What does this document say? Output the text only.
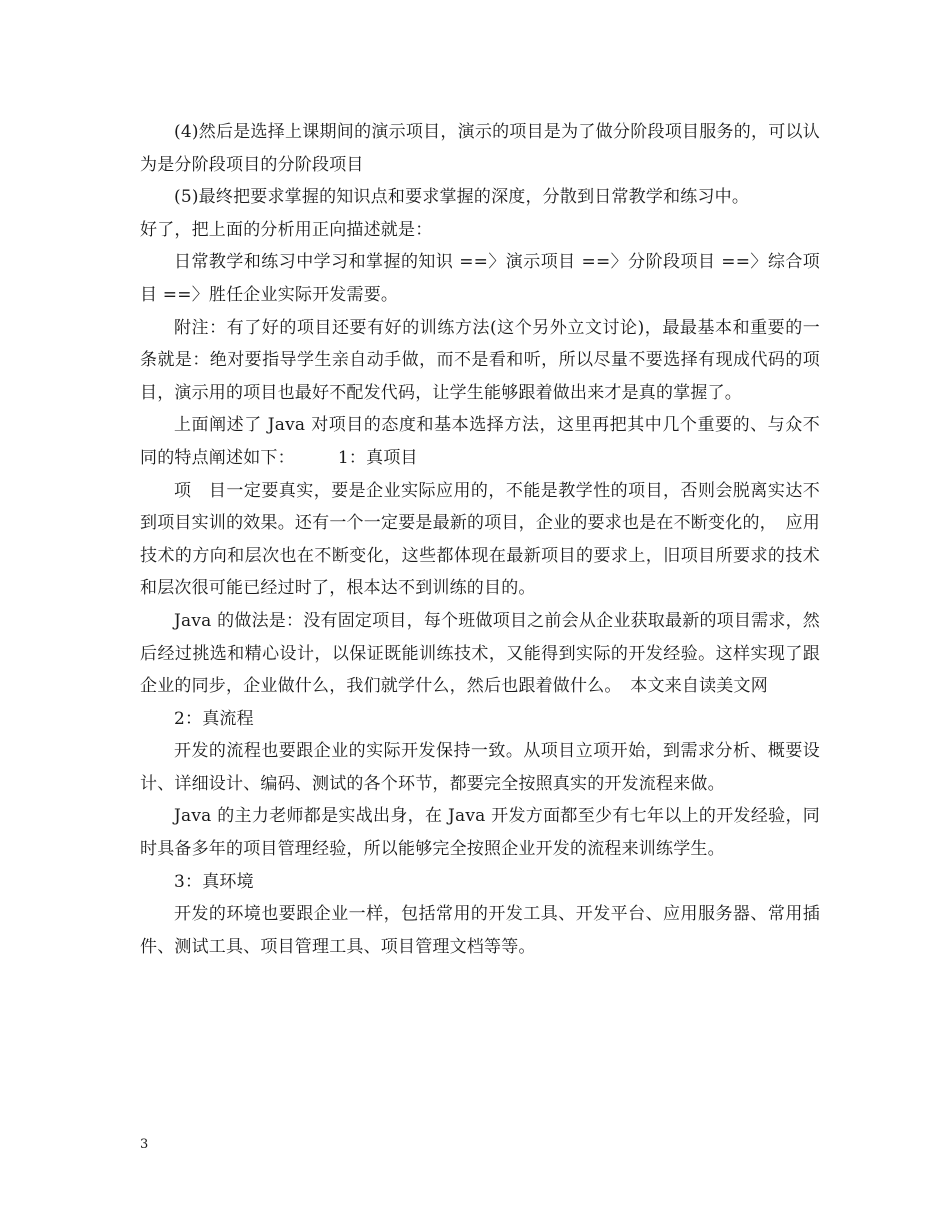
(4)然后是选择上课期间的演示项目，演示的项目是为了做分阶段项目服务的，可以认为是分阶段项目的分阶段项目

(5)最终把要求掌握的知识点和要求掌握的深度，分散到日常教学和练习中。

好了，把上面的分析用正向描述就是：

日常教学和练习中学习和掌握的知识 ==〉演示项目 ==〉分阶段项目 ==〉综合项目 ==〉胜任企业实际开发需要。

附注：有了好的项目还要有好的训练方法(这个另外立文讨论)，最最基本和重要的一条就是：绝对要指导学生亲自动手做，而不是看和听，所以尽量不要选择有现成代码的项目，演示用的项目也最好不配发代码，让学生能够跟着做出来才是真的掌握了。

上面阐述了 Java 对项目的态度和基本选择方法，这里再把其中几个重要的、与众不同的特点阐述如下：　　　1：真项目

项　目一定要真实，要是企业实际应用的，不能是教学性的项目，否则会脱离实达不到项目实训的效果。还有一个一定要是最新的项目，企业的要求也是在不断变化的，　应用技术的方向和层次也在不断变化，这些都体现在最新项目的要求上，旧项目所要求的技术和层次很可能已经过时了，根本达不到训练的目的。

Java 的做法是：没有固定项目，每个班做项目之前会从企业获取最新的项目需求，然后经过挑选和精心设计，以保证既能训练技术，又能得到实际的开发经验。这样实现了跟企业的同步，企业做什么，我们就学什么，然后也跟着做什么。　本文来自读美文网

2：真流程

开发的流程也要跟企业的实际开发保持一致。从项目立项开始，到需求分析、概要设计、详细设计、编码、测试的各个环节，都要完全按照真实的开发流程来做。

Java 的主力老师都是实战出身，在 Java 开发方面都至少有七年以上的开发经验，同时具备多年的项目管理经验，所以能够完全按照企业开发的流程来训练学生。

3：真环境

开发的环境也要跟企业一样，包括常用的开发工具、开发平台、应用服务器、常用插件、测试工具、项目管理工具、项目管理文档等等。

3
